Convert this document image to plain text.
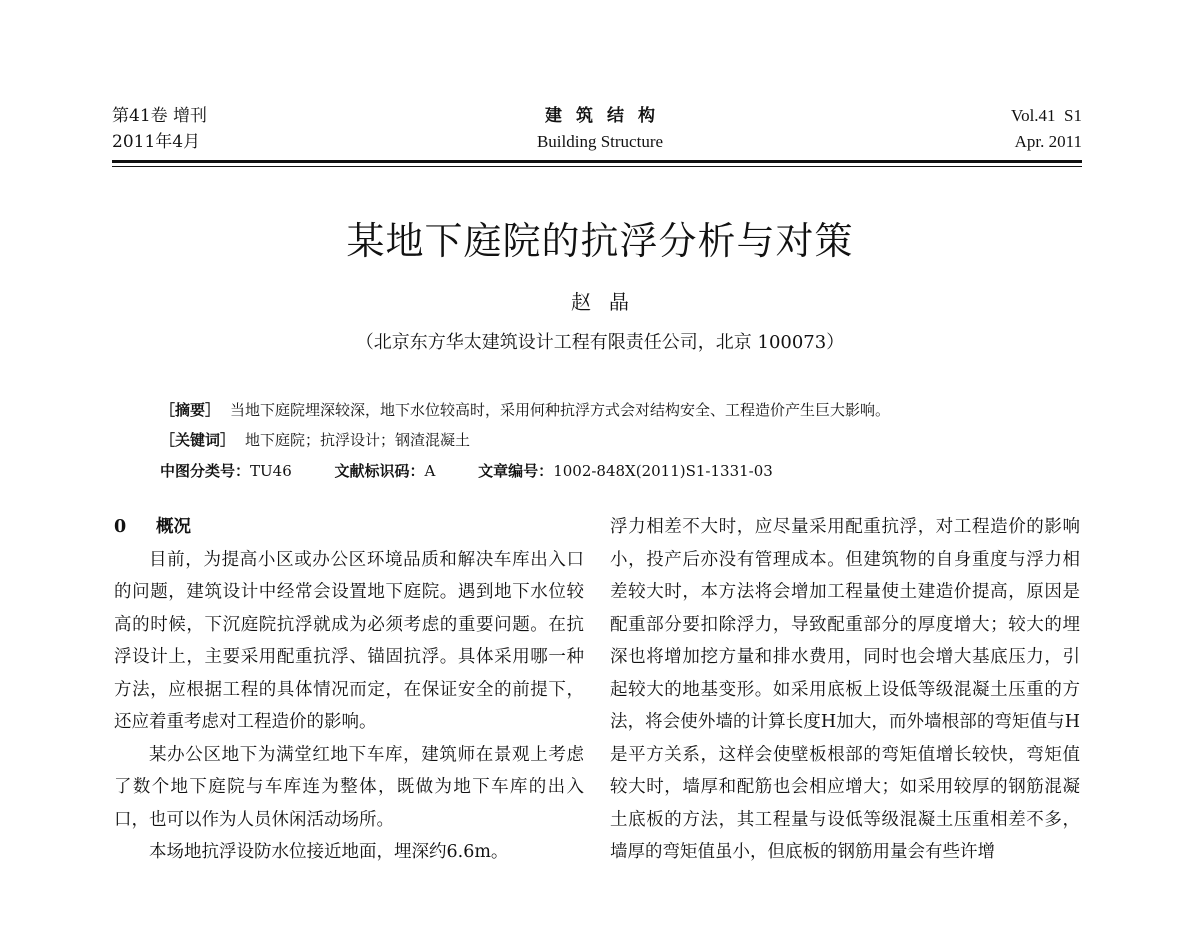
第41卷 增刊
2011年4月
建筑结构
Building Structure
Vol.41  S1
Apr. 2011
某地下庭院的抗浮分析与对策
赵晶
（北京东方华太建筑设计工程有限责任公司，北京 100073）
［摘要］ 当地下庭院埋深较深，地下水位较高时，采用何种抗浮方式会对结构安全、工程造价产生巨大影响。
［关键词］ 地下庭院；抗浮设计；钢渣混凝土
中图分类号：TU46	文献标识码：A	文章编号：1002-848X(2011)S1-1331-03

0 概况

目前，为提高小区或办公区环境品质和解决车库出入口的问题，建筑设计中经常会设置地下庭院。遇到地下水位较高的时候，下沉庭院抗浮就成为必须考虑的重要问题。在抗浮设计上，主要采用配重抗浮、锚固抗浮。具体采用哪一种方法，应根据工程的具体情况而定，在保证安全的前提下，还应着重考虑对工程造价的影响。

某办公区地下为满堂红地下车库，建筑师在景观上考虑了数个地下庭院与车库连为整体，既做为地下车库的出入口，也可以作为人员休闲活动场所。

本场地抗浮设防水位接近地面，埋深约6.6m。

浮力相差不大时，应尽量采用配重抗浮，对工程造价的影响小，投产后亦没有管理成本。但建筑物的自身重度与浮力相差较大时，本方法将会增加工程量使土建造价提高，原因是配重部分要扣除浮力，导致配重部分的厚度增大；较大的埋深也将增加挖方量和排水费用，同时也会增大基底压力，引起较大的地基变形。如采用底板上设低等级混凝土压重的方法，将会使外墙的计算长度H加大，而外墙根部的弯矩值与H是平方关系，这样会使壁板根部的弯矩值增长较快，弯矩值较大时，墙厚和配筋也会相应增大；如采用较厚的钢筋混凝土底板的方法，其工程量与设低等级混凝土压重相差不多，墙厚的弯矩值虽小，但底板的钢筋用量会有些许增
